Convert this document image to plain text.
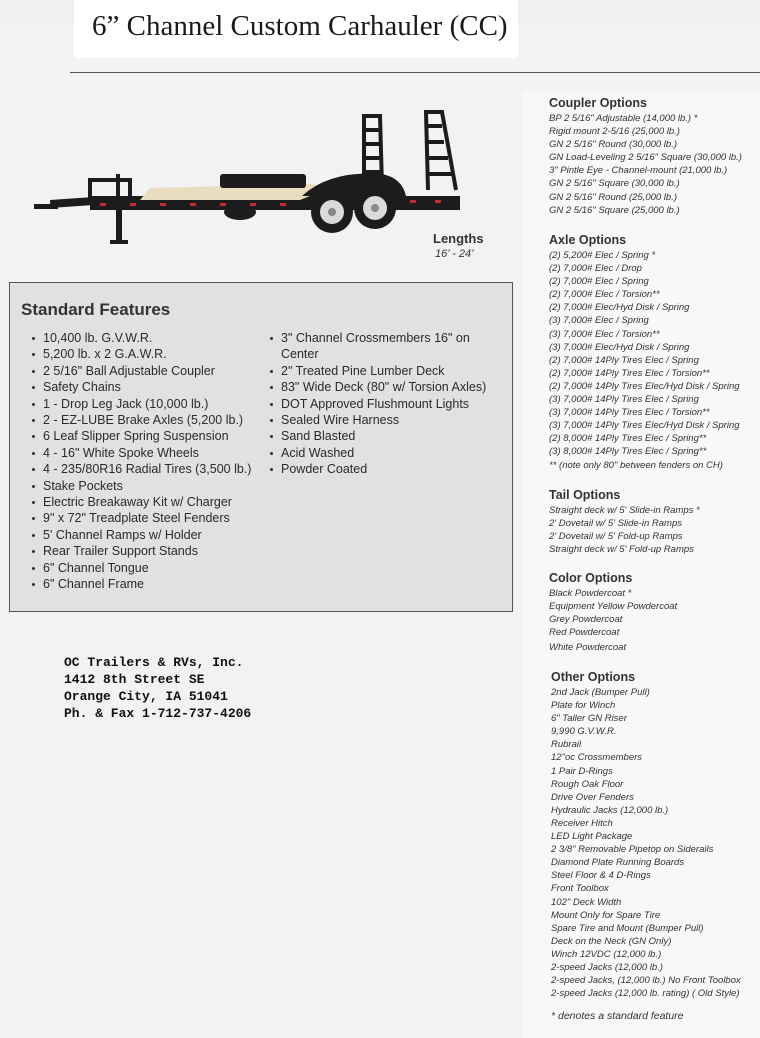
6” Channel Custom Carhauler (CC)
Lengths
16’ - 24’
Standard Features
10,400 lb. G.V.W.R.
5,200 lb. x 2 G.A.W.R.
2 5/16" Ball Adjustable Coupler
Safety Chains
1 - Drop Leg Jack (10,000 lb.)
2 - EZ-LUBE Brake Axles (5,200 lb.)
6 Leaf Slipper Spring Suspension
4 - 16" White Spoke Wheels
4 - 235/80R16 Radial Tires (3,500 lb.)
Stake Pockets
Electric Breakaway Kit w/ Charger
9" x 72" Treadplate Steel Fenders
5' Channel Ramps w/ Holder
Rear Trailer Support Stands
6" Channel Tongue
6" Channel Frame
3" Channel Crossmembers 16" on Center
2" Treated Pine Lumber Deck
83" Wide Deck (80" w/ Torsion Axles)
DOT Approved Flushmount Lights
Sealed Wire Harness
Sand Blasted
Acid Washed
Powder Coated
OC Trailers & RVs, Inc.
1412 8th Street SE
Orange City, IA 51041
Ph. & Fax 1-712-737-4206
Coupler Options
BP 2 5/16" Adjustable (14,000 lb.) *
Rigid mount 2-5/16 (25,000 lb.)
GN 2 5/16" Round (30,000 lb.)
GN Load-Leveling 2 5/16" Square (30,000 lb.)
3" Pintle Eye - Channel-mount (21,000 lb.)
GN 2 5/16" Square (30,000 lb.)
GN 2 5/16" Round (25,000 lb.)
GN 2 5/16" Square (25,000 lb.)
Axle Options
(2) 5,200# Elec / Spring *
(2) 7,000# Elec / Drop
(2) 7,000# Elec / Spring
(2) 7,000# Elec / Torsion**
(2) 7,000# Elec/Hyd Disk / Spring
(3) 7,000# Elec / Spring
(3) 7,000# Elec / Torsion**
(3) 7,000# Elec/Hyd Disk / Spring
(2) 7,000# 14Ply Tires Elec / Spring
(2) 7,000# 14Ply Tires Elec / Torsion**
(2) 7,000# 14Ply Tires Elec/Hyd Disk / Spring
(3) 7,000# 14Ply Tires Elec / Spring
(3) 7,000# 14Ply Tires Elec / Torsion**
(3) 7,000# 14Ply Tires Elec/Hyd Disk / Spring
(2) 8,000# 14Ply Tires Elec / Spring**
(3) 8,000# 14Ply Tires Elec / Spring**
** (note only 80" between fenders on CH)
Tail Options
Straight deck w/ 5' Slide-in Ramps *
2' Dovetail w/ 5' Slide-in Ramps
2' Dovetail w/ 5' Fold-up Ramps
Straight deck w/ 5' Fold-up Ramps
Color Options
Black Powdercoat *
Equipment Yellow Powdercoat
Grey Powdercoat
Red Powdercoat
White Powdercoat
Other Options
2nd Jack (Bumper Pull)
Plate for Winch
6" Taller GN Riser
9,990 G.V.W.R.
Rubrail
12"oc Crossmembers
1 Pair D-Rings
Rough Oak Floor
Drive Over Fenders
Hydraulic Jacks (12,000 lb.)
Receiver Hitch
LED Light Package
2 3/8" Removable Pipetop on Siderails
Diamond Plate Running Boards
Steel Floor & 4 D-Rings
Front Toolbox
102" Deck Width
Mount Only for Spare Tire
Spare Tire and Mount (Bumper Pull)
Deck on the Neck (GN Only)
Winch 12VDC (12,000 lb.)
2-speed Jacks (12,000 lb.)
2-speed Jacks, (12,000 lb.) No Front Toolbox
2-speed Jacks (12,000 lb. rating) ( Old Style)
* denotes a standard feature
